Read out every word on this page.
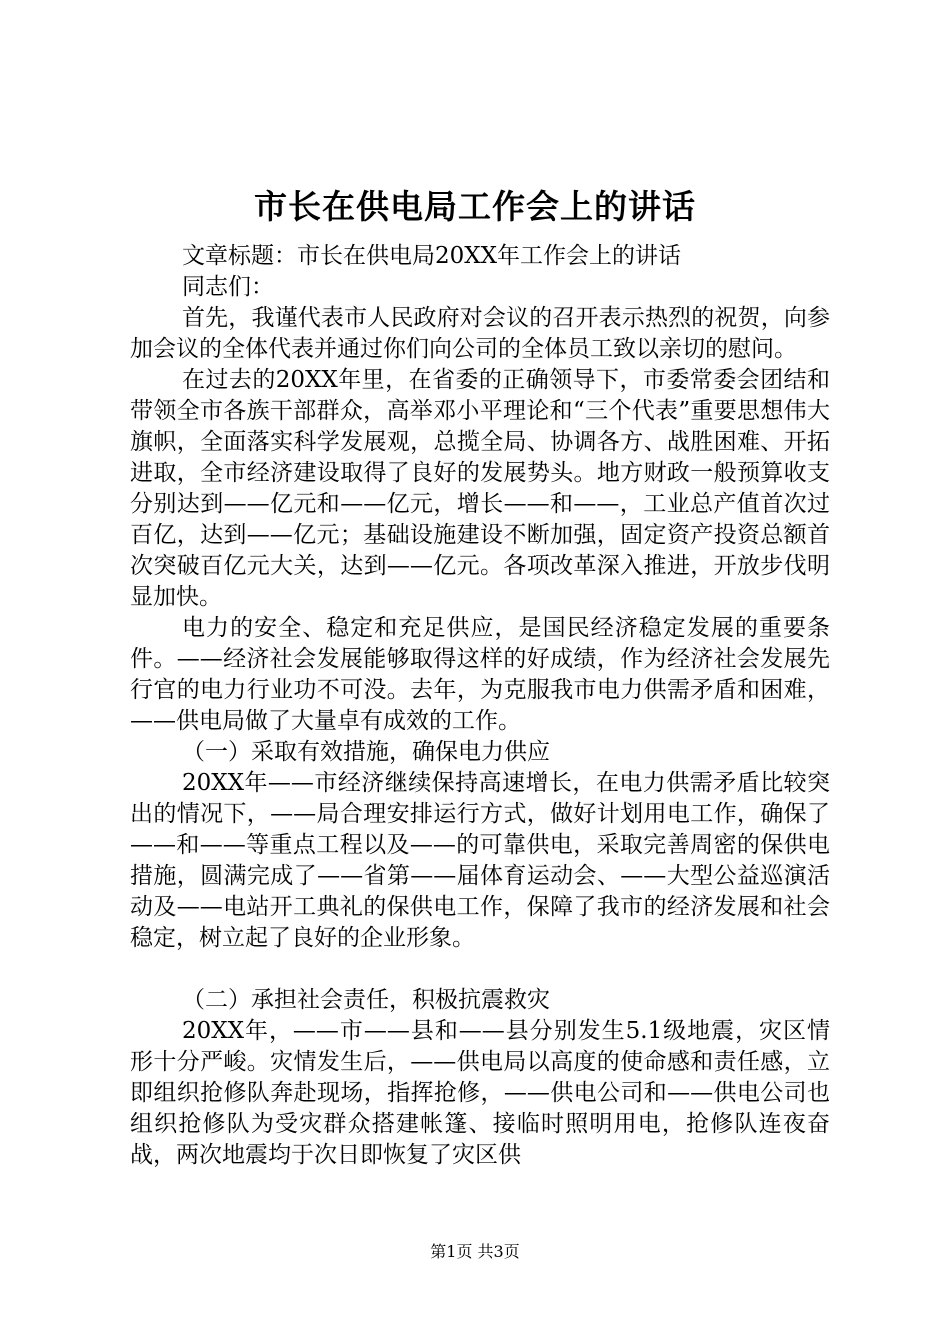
市长在供电局工作会上的讲话

文章标题：市长在供电局20XX年工作会上的讲话

同志们：

首先，我谨代表市人民政府对会议的召开表示热烈的祝贺，向参加会议的全体代表并通过你们向公司的全体员工致以亲切的慰问。

在过去的20XX年里，在省委的正确领导下，市委常委会团结和带领全市各族干部群众，高举邓小平理论和“三个代表”重要思想伟大旗帜，全面落实科学发展观，总揽全局、协调各方、战胜困难、开拓进取，全市经济建设取得了良好的发展势头。地方财政一般预算收支分别达到——亿元和——亿元，增长——和——，工业总产值首次过百亿，达到——亿元；基础设施建设不断加强，固定资产投资总额首次突破百亿元大关，达到——亿元。各项改革深入推进，开放步伐明显加快。

电力的安全、稳定和充足供应，是国民经济稳定发展的重要条件。——经济社会发展能够取得这样的好成绩，作为经济社会发展先行官的电力行业功不可没。去年，为克服我市电力供需矛盾和困难，——供电局做了大量卓有成效的工作。

（一）采取有效措施，确保电力供应

20XX年——市经济继续保持高速增长，在电力供需矛盾比较突出的情况下，——局合理安排运行方式，做好计划用电工作，确保了——和——等重点工程以及——的可靠供电，采取完善周密的保供电措施，圆满完成了——省第——届体育运动会、——大型公益巡演活动及——电站开工典礼的保供电工作，保障了我市的经济发展和社会稳定，树立起了良好的企业形象。

（二）承担社会责任，积极抗震救灾

20XX年，——市——县和——县分别发生5.1级地震，灾区情形十分严峻。灾情发生后，——供电局以高度的使命感和责任感，立即组织抢修队奔赴现场，指挥抢修，——供电公司和——供电公司也组织抢修队为受灾群众搭建帐篷、接临时照明用电，抢修队连夜奋战，两次地震均于次日即恢复了灾区供

第1页 共3页
